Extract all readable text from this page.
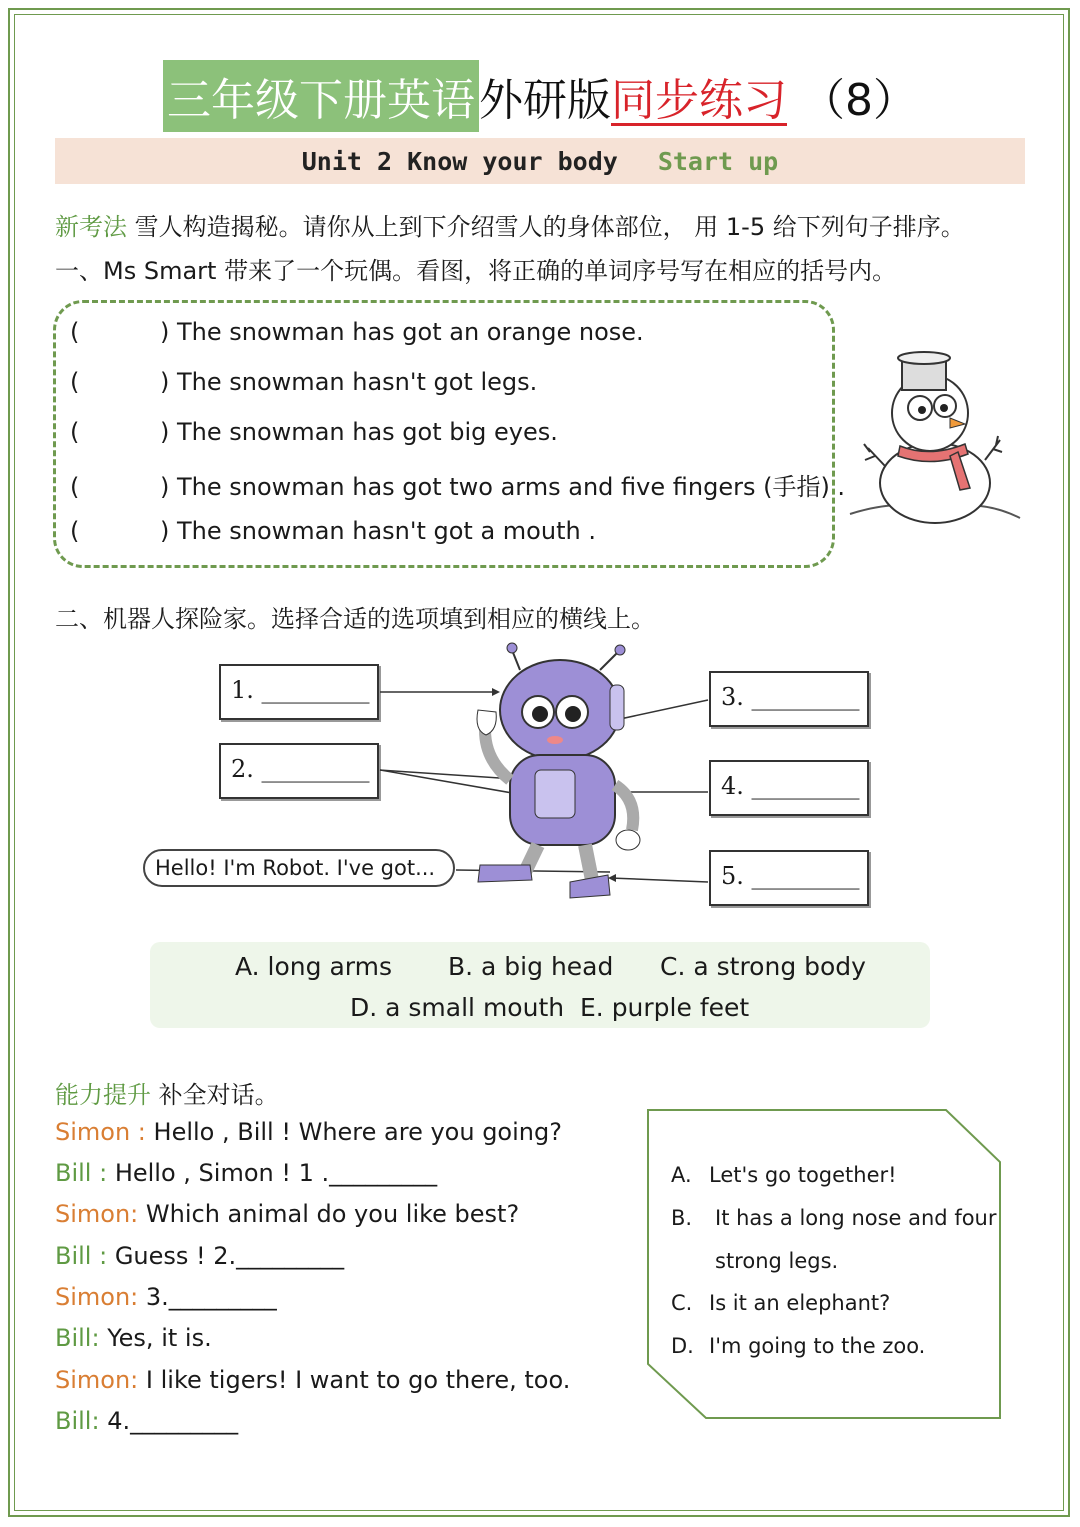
三年级下册英语 外研版 同步练习 （8）
Unit 2 Know your body Start up
新考法 雪人构造揭秘。请你从上到下介绍雪人的身体部位， 用 1-5 给下列句子排序。
一、Ms Smart 带来了一个玩偶。看图，将正确的单词序号写在相应的括号内。
(	) The snowman has got an orange nose.
(	) The snowman hasn't got legs.
(	) The snowman has got big eyes.
(	) The snowman has got two arms and five fingers (手指) .
(	) The snowman hasn't got a mouth .
二、机器人探险家。选择合适的选项填到相应的横线上。
1. _________
2. _________
3. _________
4. _________
5. _________
Hello! I'm Robot. I've got...
A. long arms B. a big head C. a strong body
D. a small mouth E. purple feet
能力提升 补全对话。
Simon : Hello , Bill ! Where are you going?
Bill : Hello , Simon ! 1 ._________
Simon: Which animal do you like best?
Bill : Guess ! 2._________
Simon: 3._________
Bill: Yes, it is.
Simon: I like tigers! I want to go there, too.
Bill: 4._________
A. Let's go together!
B. It has a long nose and four
strong legs.
C. Is it an elephant?
D. I'm going to the zoo.
